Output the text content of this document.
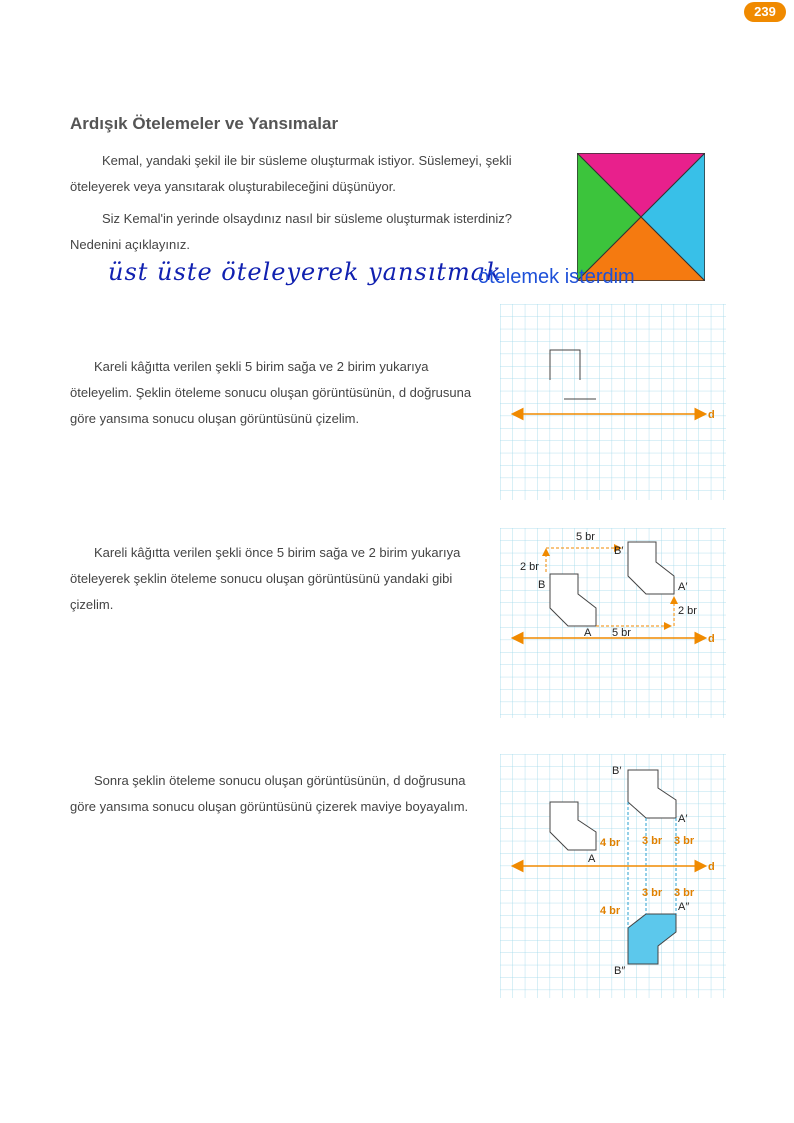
239
Ardışık Ötelemeler ve Yansımalar
Kemal, yandaki şekil ile bir süsleme oluşturmak istiyor. Süslemeyi, şekli öteleyerek veya yansıtarak oluşturabileceğini düşünüyor.
Siz Kemal'in yerinde olsaydınız nasıl bir süsleme oluşturmak isterdiniz? Nedenini açıklayınız.
üst üste öteleyerek yansıtmak
ötelemek isterdim
Kareli kâğıtta verilen şekli 5 birim sağa ve 2 birim yukarıya öteleyelim. Şeklin öteleme sonucu oluşan görüntüsünün, d doğrusuna göre yansıma sonucu oluşan görüntüsünü çizelim.
Kareli kâğıtta verilen şekli önce 5 birim sağa ve 2 birim yukarıya öteleyerek şeklin öteleme sonucu oluşan görüntüsünü yandaki gibi çizelim.
Sonra şeklin öteleme sonucu oluşan görüntüsünün, d doğrusuna göre yansıma sonucu oluşan görüntüsünü çizerek maviye boyayalım.
d
d
5 br
2 br
B
A
B′
A′
2 br
5 br
d
B′
A′
A
4 br 3 br 3 br
3 br 3 br
4 br	A″
B″
